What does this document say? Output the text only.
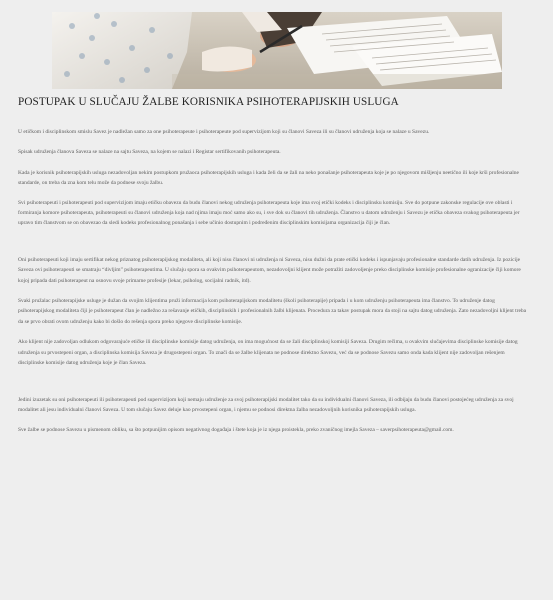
POSTUPAK U SLUČAJU ŽALBE KORISNIKA PSIHOTERAPIJSKIH USLUGA

U etičkom i disciplinskom smislu Savez je nadležan samo za one psihoterapeute i psihoterapeute pod supervizijom koji su članovi Saveza ili su članovi udruženja koja se nalaze u Savezu.

Spisak udruženja članova Saveza se nalaze na sajtu Saveza, na kojem se nalazi i Registar sertifikovanih psihoterapeuta.

Kada je korisnik psihoterapijskih usluga nezadovoljan nekim postupkom pružaoca psihoterapijskih usluga i kada želi da se žali na neko ponašanje psihoterapeuta koje je po njegovom mišljenju neetično ili koje krši profesionalne standarde, on treba da zna kom telu može da podnese svoju žalbu.

Svi psihoterapeuti i psihoterapeuti pod supervizijom imaju etičku obavezu da budu članovi nekog udruženja psihoterapeuta koje ima svoj etički kodeks i disciplinsku komisiju. Sve do potpune zakonske regulacije ove oblasti i formiranja komore psihoterapeuta, psihoterapeuti su članovi udruženja koja nad njima imaju moć samo ako su, i sve dok su članovi tih udruženja. Članstvo u datom udruženju i Savezu je etička obaveza svakog psihoterapeuta jer upravo tim članstvom se on obavezao da sledi kodeks profesionalnog ponašanja i sebe učinio dostupnim i podređenim disciplinskim komisijama organizacija čiji je član.

Oni psihoterapeuti koji imaju sertifikat nekog priznatog psihoterapijskog modaliteta, ali koji nisu članovi ni udruženja ni Saveza, nisu dužni da prate etički kodeks i ispunjavaju profesionalne standarde datih udruženja. Iz pozicije Saveza ovi psihoterapeuti se smatraju “divljim” psihoterapeutima. U slučaju spora sa ovakvim psihoterapeutom, nezadovoljni klijent može potražiti zadovoljenje preko disciplinske komisije profesionalne ogranizacije čiji komore kojoj pripada dati psihoterapeut na osnovu svoje primarne profesije (lekar, psiholog, socijalni radnik, itd).

Svaki pružalac psihoterapijske usluge je dužan da svojim klijentima pruži informacija kom psihoterapijskom modalitetu (školi psihoterapije) pripada i u kom udruženju psihoterapeuta ima članstvo. To udruženje datog psihoterapijskog modaliteta čiji je psihoterapeut član je nadležno za rešavanje etičkih, disciplinskih i profesionalnih žalbi klijenata. Procedura za takav postupak mora da stoji na sajtu datog udruženja. Zato nezadovoljni klijent treba da se prvo obrati ovom udruženju kako bi došlo do rešenja spora preko njegove disciplinske komisije.

Ako klijent nije zadovoljan odlukom odgovarajuće etičke ili disciplinske komisije datog udruženja, on ima mogućnost da se žali disciplinskoj komisiji Saveza. Drugim rečima, u ovakvim slučajevima disciplinske komisije datog udruženja su prvostepeni organ, a disciplinska komisija Saveza je drugostepeni organ. To znači da se žalbe klijenata ne podnose direktno Savezu, već da se podnose Savezu samo onda kada klijent nije zadovoljan rešenjem disciplinske komisije datog udruženja koje je član Saveza.

Jedini izuzetak su oni psihoterapeuti ili psihoterapeuti pod supervizijom koji nemaju udruženje za svoj psihoterapijski modalitet tako da su individualni članovi Saveza, ili odbijaju da budu članovi postojećeg udruženja za svoj modalitet ali jesu individualni članovi Saveza. U tom slučaju Savez deluje kao prvostepeni organ, i njemu se podnosi direktna žalba nezadovoljnih korisnika psihoterapijskih usluga.

Sve žalbe se podnose Savezu u pismenom obliku, sa što potpunijim opisom negativnog događaja i štete koja je iz njega proistekla, preko zvaničnog imejla Saveza – saverpsihoterapeuta@gmail.com.
